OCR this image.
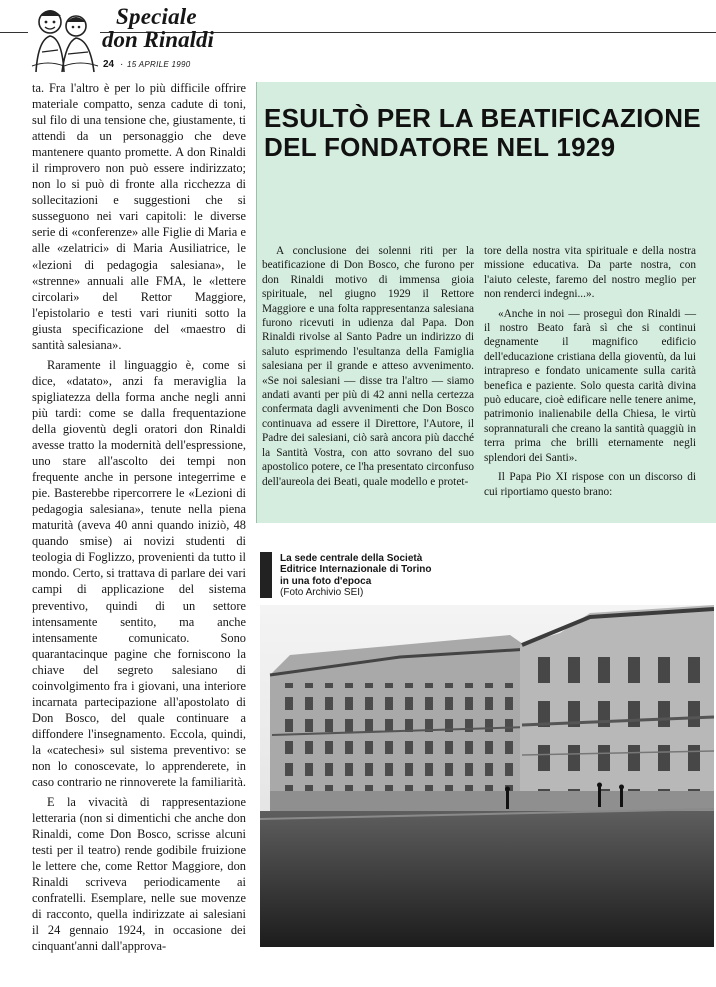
Speciale
don Rinaldi
24 · 15 APRILE 1990

ta. Fra l'altro è per lo più difficile offrire materiale compatto, senza cadute di toni, sul filo di una tensione che, giustamente, ti attendi da un personaggio che deve mantenere quanto promette. A don Rinaldi il rimprovero non può essere indirizzato; non lo si può di fronte alla ricchezza di sollecitazioni e suggestioni che si susseguono nei vari capitoli: le diverse serie di «conferenze» alle Figlie di Maria e alle «zelatrici» di Maria Ausiliatrice, le «lezioni di pedagogia salesiana», le «strenne» annuali alle FMA, le «lettere circolari» del Rettor Maggiore, l'epistolario e testi vari riuniti sotto la giusta specificazione del «maestro di santità salesiana».

Raramente il linguaggio è, come si dice, «datato», anzi fa meraviglia la spigliatezza della forma anche negli anni più tardi: come se dalla frequentazione della gioventù degli oratori don Rinaldi avesse tratto la modernità dell'espressione, uno stare all'ascolto dei tempi non frequente anche in persone integerrime e pie. Basterebbe ripercorrere le «Lezioni di pedagogia salesiana», tenute nella piena maturità (aveva 40 anni quando iniziò, 48 quando smise) ai novizi studenti di teologia di Foglizzo, provenienti da tutto il mondo. Certo, si trattava di parlare dei vari campi di applicazione del sistema preventivo, quindi di un settore intensamente sentito, ma anche intensamente comunicato. Sono quarantacinque pagine che forniscono la chiave del segreto salesiano di coinvolgimento fra i giovani, una interiore incarnata partecipazione all'apostolato di Don Bosco, del quale continuare a diffondere l'insegnamento. Eccola, quindi, la «catechesi» sul sistema preventivo: se non lo conoscevate, lo apprenderete, in caso contrario ne rinnoverete la familiarità.

E la vivacità di rappresentazione letteraria (non si dimentichi che anche don Rinaldi, come Don Bosco, scrisse alcuni testi per il teatro) rende godibile fruizione le lettere che, come Rettor Maggiore, don Rinaldi scriveva periodicamente ai confratelli. Esemplare, nelle sue movenze di racconto, quella indirizzate ai salesiani il 24 gennaio 1924, in occasione dei cinquant'anni dall'approva-

ESULTÒ PER LA BEATIFICAZIONE DEL FONDATORE NEL 1929

A conclusione dei solenni riti per la beatificazione di Don Bosco, che furono per don Rinaldi motivo di immensa gioia spirituale, nel giugno 1929 il Rettore Maggiore e una folta rappresentanza salesiana furono ricevuti in udienza dal Papa. Don Rinaldi rivolse al Santo Padre un indirizzo di saluto esprimendo l'esultanza della Famiglia salesiana per il grande e atteso avvenimento. «Se noi salesiani — disse tra l'altro — siamo andati avanti per più di 42 anni nella certezza confermata dagli avvenimenti che Don Bosco continuava ad essere il Direttore, l'Autore, il Padre dei salesiani, ciò sarà ancora più dacché la Santità Vostra, con atto sovrano del suo apostolico potere, ce l'ha presentato circonfuso dell'aureola dei Beati, quale modello e protet-

tore della nostra vita spirituale e della nostra missione educativa. Da parte nostra, con l'aiuto celeste, faremo del nostro meglio per non renderci indegni...».

«Anche in noi — proseguì don Rinaldi — il nostro Beato farà sì che si continui degnamente il magnifico edificio dell'educazione cristiana della gioventù, da lui intrapreso e fondato unicamente sulla carità benefica e paziente. Solo questa carità divina può educare, cioè edificare nelle tenere anime, patrimonio inalienabile della Chiesa, le virtù soprannaturali che creano la santità quaggiù in terra prima che brilli eternamente negli splendori dei Santi».

Il Papa Pio XI rispose con un discorso di cui riportiamo questo brano:

La sede centrale della Società
Editrice Internazionale di Torino
in una foto d'epoca
(Foto Archivio SEI)
